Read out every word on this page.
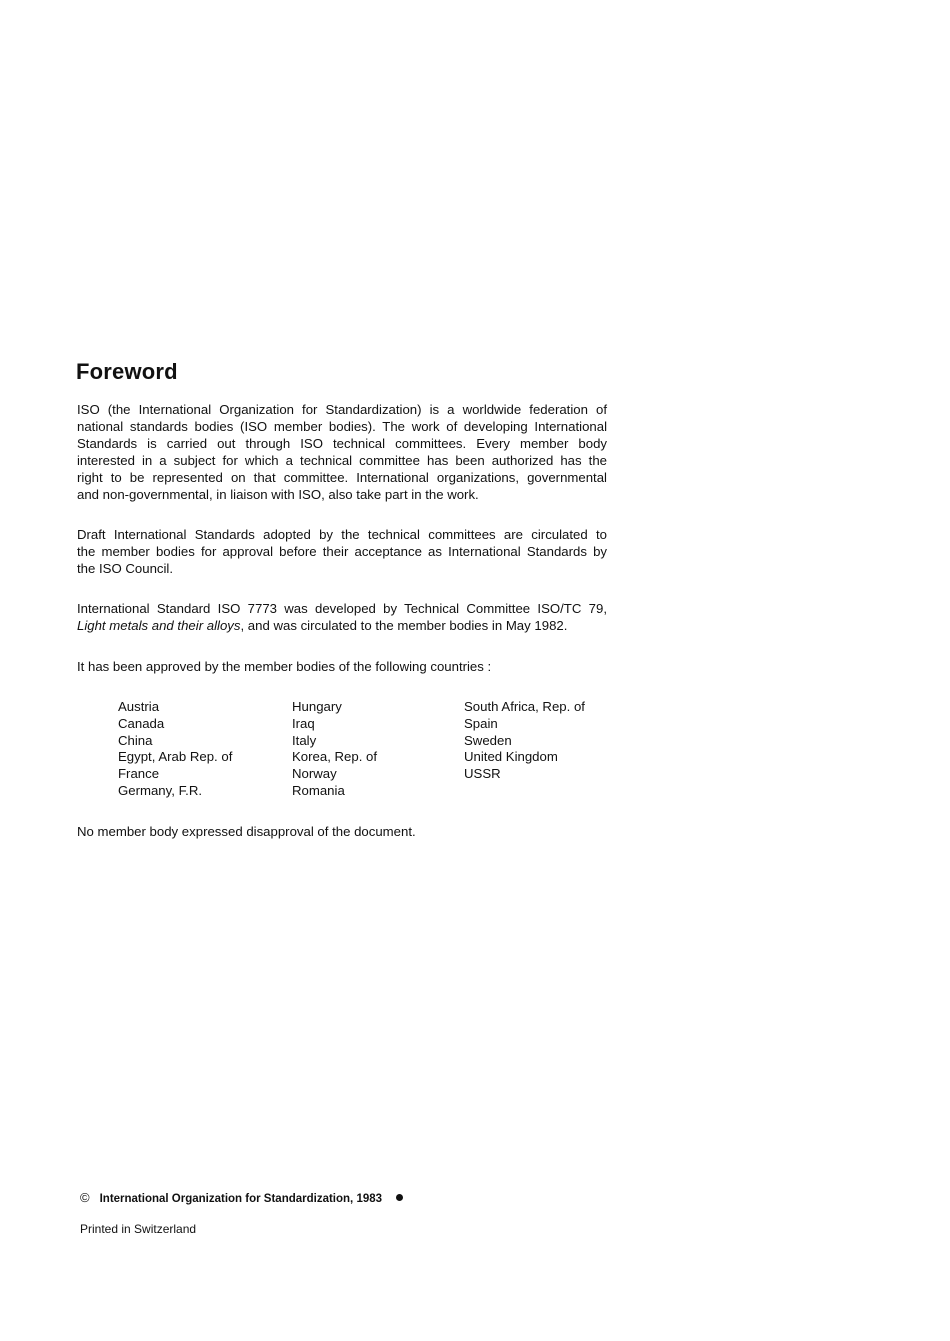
Foreword

ISO (the International Organization for Standardization) is a worldwide federation of
national standards bodies (ISO member bodies). The work of developing International
Standards is carried out through ISO technical committees. Every member body
interested in a subject for which a technical committee has been authorized has the
right to be represented on that committee. International organizations, governmental
and non-governmental, in liaison with ISO, also take part in the work.

Draft International Standards adopted by the technical committees are circulated to
the member bodies for approval before their acceptance as International Standards by
the ISO Council.

International Standard ISO 7773 was developed by Technical Committee ISO/TC 79,
Light metals and their alloys, and was circulated to the member bodies in May 1982.

It has been approved by the member bodies of the following countries :

Austria
Canada
China
Egypt, Arab Rep. of
France
Germany, F.R.
Hungary
Iraq
Italy
Korea, Rep. of
Norway
Romania
South Africa, Rep. of
Spain
Sweden
United Kingdom
USSR

No member body expressed disapproval of the document.

© International Organization for Standardization, 1983
Printed in Switzerland
